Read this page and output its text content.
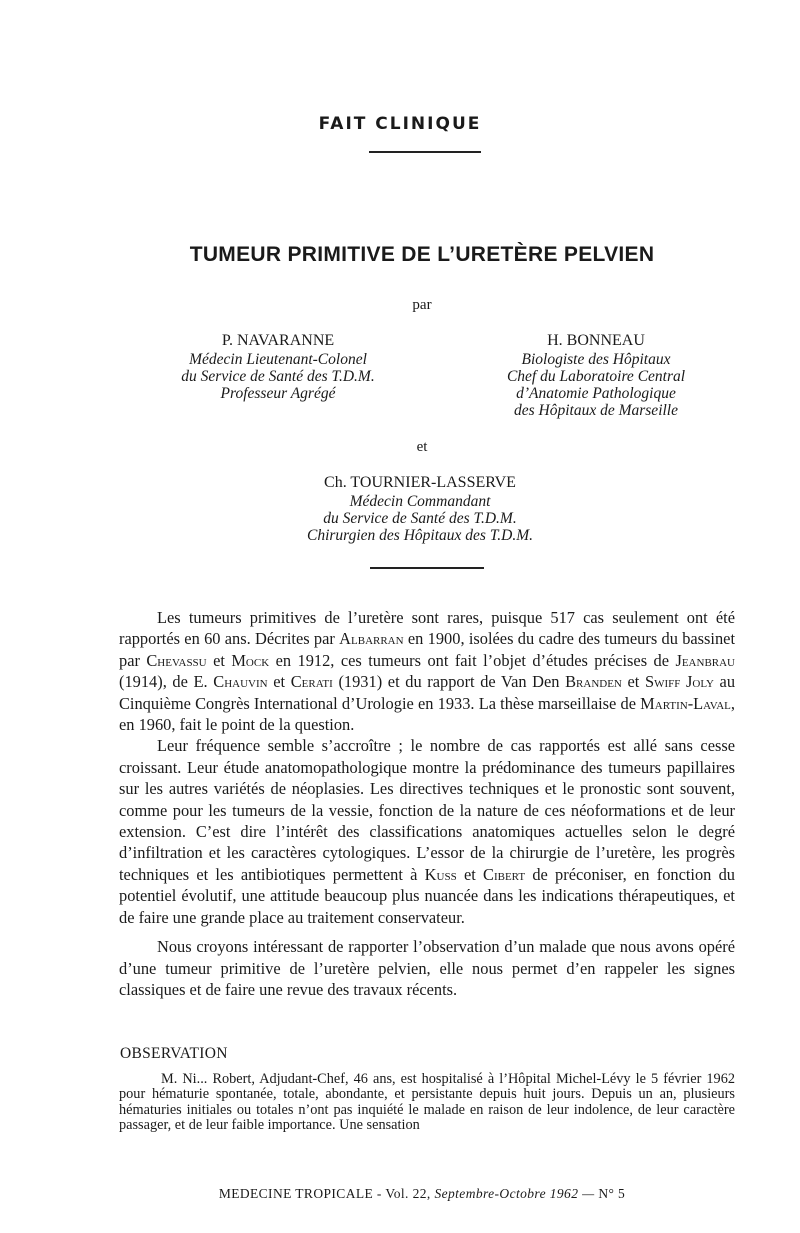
FAIT CLINIQUE
TUMEUR PRIMITIVE DE L’URETÈRE PELVIEN
par
P. NAVARANNE
Médecin Lieutenant-Colonel
du Service de Santé des T.D.M.
Professeur Agrégé
H. BONNEAU
Biologiste des Hôpitaux
Chef du Laboratoire Central
d’Anatomie Pathologique
des Hôpitaux de Marseille
et
Ch. TOURNIER-LASSERVE
Médecin Commandant
du Service de Santé des T.D.M.
Chirurgien des Hôpitaux des T.D.M.

Les tumeurs primitives de l’uretère sont rares, puisque 517 cas seulement ont été rapportés en 60 ans. Décrites par Albarran en 1900, isolées du cadre des tumeurs du bassinet par Chevassu et Mock en 1912, ces tumeurs ont fait l’objet d’études précises de Jeanbrau (1914), de E. Chauvin et Cerati (1931) et du rapport de Van Den Branden et Swiff Joly au Cinquième Congrès International d’Urologie en 1933. La thèse marseillaise de Martin-Laval, en 1960, fait le point de la question.

Leur fréquence semble s’accroître ; le nombre de cas rapportés est allé sans cesse croissant. Leur étude anatomopathologique montre la prédominance des tumeurs papillaires sur les autres variétés de néoplasies. Les directives techniques et le pronostic sont souvent, comme pour les tumeurs de la vessie, fonction de la nature de ces néoformations et de leur extension. C’est dire l’intérêt des classifications anatomiques actuelles selon le degré d’infiltration et les caractères cytologiques. L’essor de la chirurgie de l’uretère, les progrès techniques et les antibiotiques permettent à Kuss et Cibert de préconiser, en fonction du potentiel évolutif, une attitude beaucoup plus nuancée dans les indications thérapeutiques, et de faire une grande place au traitement conservateur.

Nous croyons intéressant de rapporter l’observation d’un malade que nous avons opéré d’une tumeur primitive de l’uretère pelvien, elle nous permet d’en rappeler les signes classiques et de faire une revue des travaux récents.

OBSERVATION

M. Ni... Robert, Adjudant-Chef, 46 ans, est hospitalisé à l’Hôpital Michel-Lévy le 5 février 1962 pour hématurie spontanée, totale, abondante, et persistante depuis huit jours. Depuis un an, plusieurs hématuries initiales ou totales n’ont pas inquiété le malade en raison de leur indolence, de leur caractère passager, et de leur faible importance. Une sensation

MEDECINE TROPICALE - Vol. 22, Septembre-Octobre 1962 — N° 5
